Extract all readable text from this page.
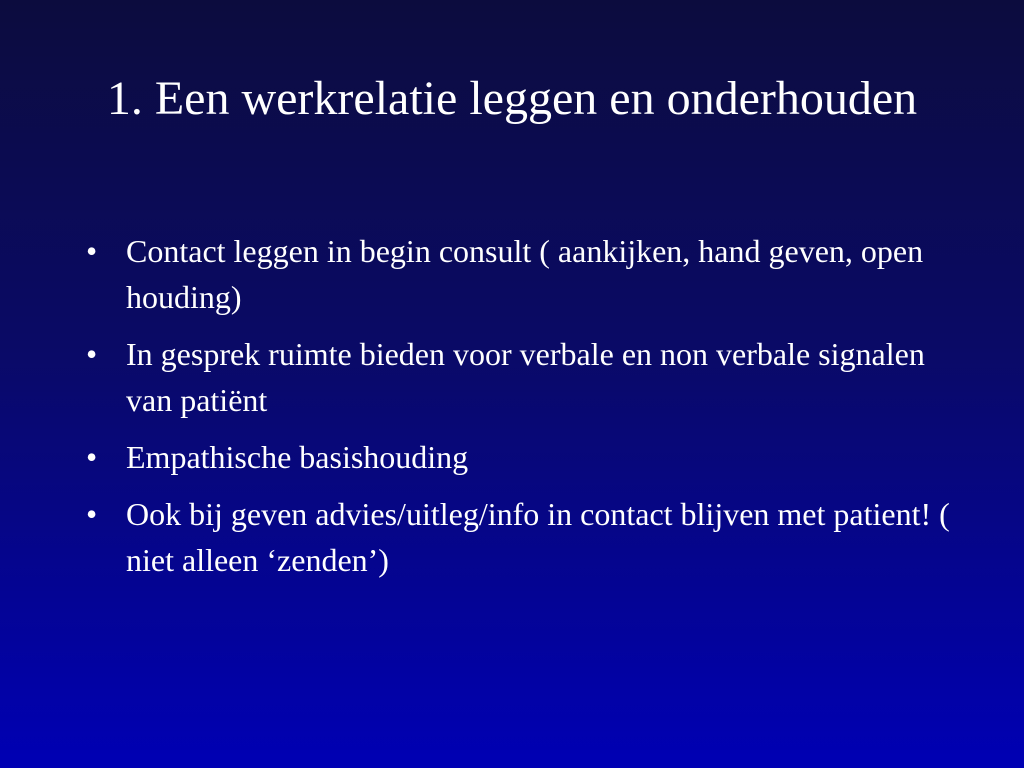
1. Een werkrelatie leggen en onderhouden
• Contact leggen in begin consult ( aankijken, hand geven, open houding)
• In gesprek ruimte bieden voor verbale en non verbale signalen van patiënt
• Empathische basishouding
• Ook bij geven advies/uitleg/info in contact blijven met patient! ( niet alleen ‘zenden’)
